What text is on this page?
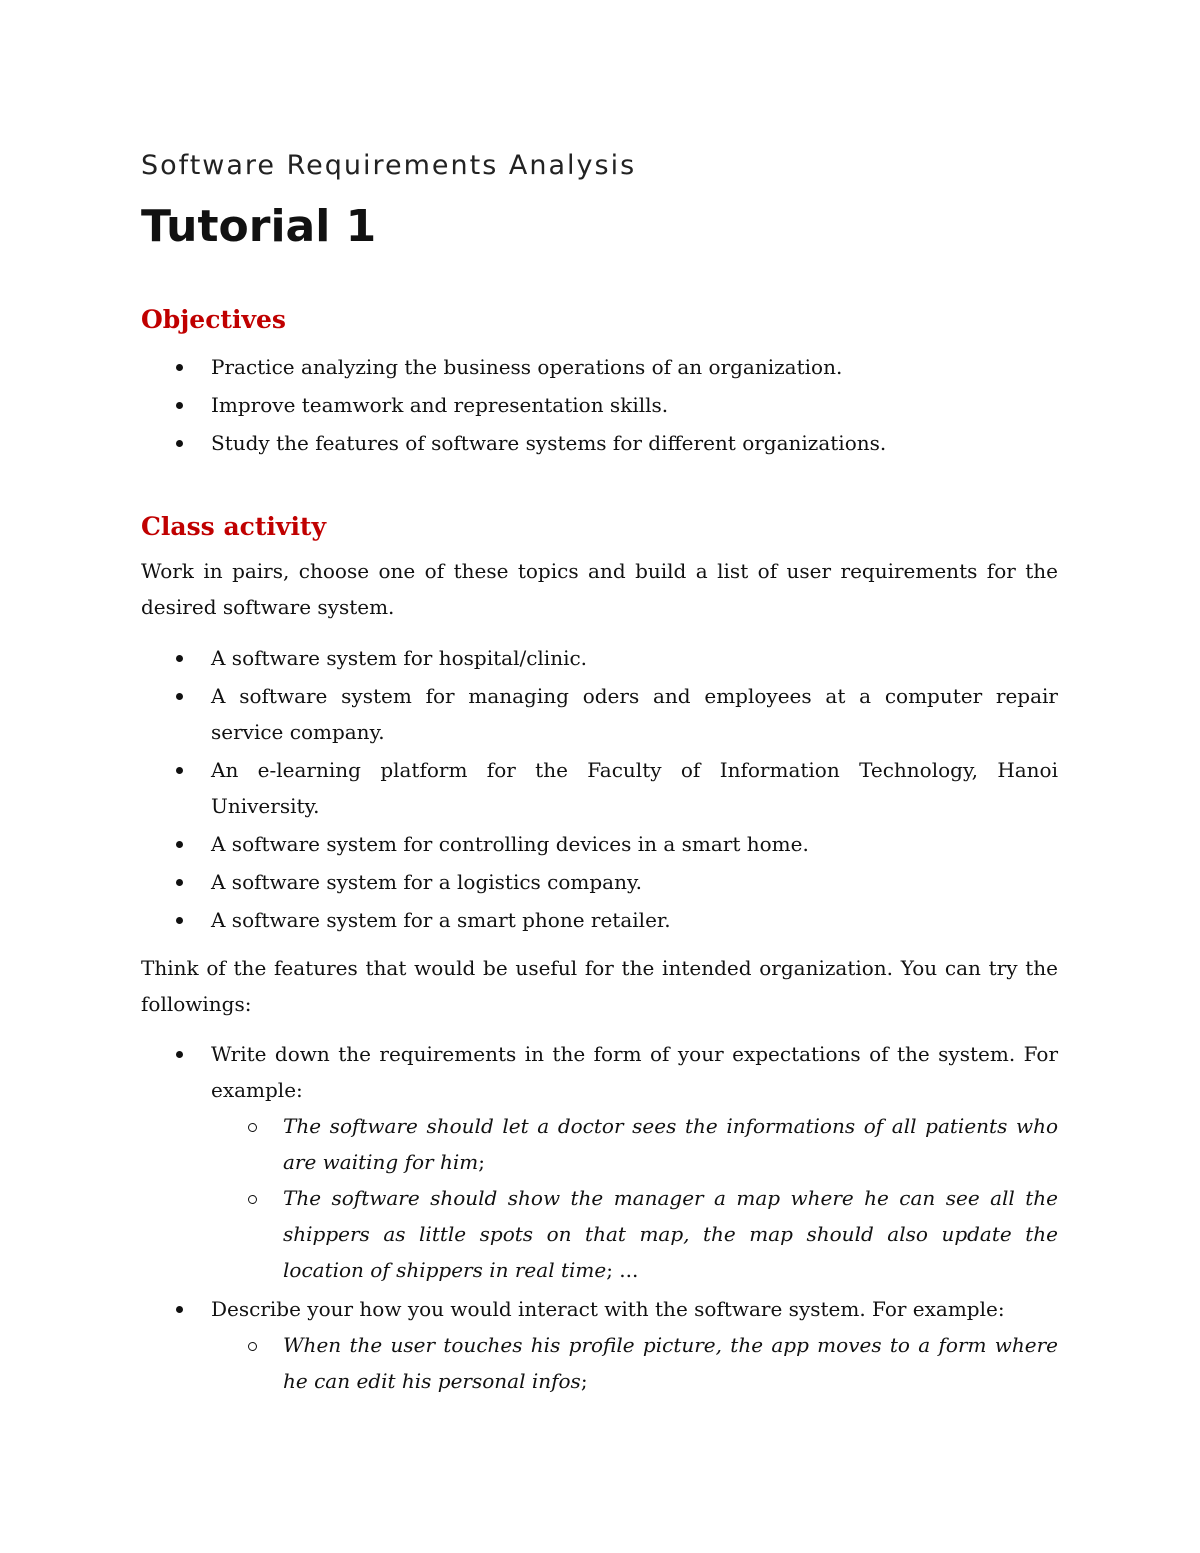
Software Requirements Analysis
Tutorial 1
Objectives
Practice analyzing the business operations of an organization.
Improve teamwork and representation skills.
Study the features of software systems for different organizations.
Class activity
Work in pairs, choose one of these topics and build a list of user requirements for the
desired software system.
A software system for hospital/clinic.
A software system for managing oders and employees at a computer repair
service company.
An e-learning platform for the Faculty of Information Technology, Hanoi
University.
A software system for controlling devices in a smart home.
A software system for a logistics company.
A software system for a smart phone retailer.
Think of the features that would be useful for the intended organization. You can try the
followings:
Write down the requirements in the form of your expectations of the system. For
example:
The software should let a doctor sees the informations of all patients who
are waiting for him;
The software should show the manager a map where he can see all the
shippers as little spots on that map, the map should also update the
location of shippers in real time; ...
Describe your how you would interact with the software system. For example:
When the user touches his profile picture, the app moves to a form where
he can edit his personal infos;
